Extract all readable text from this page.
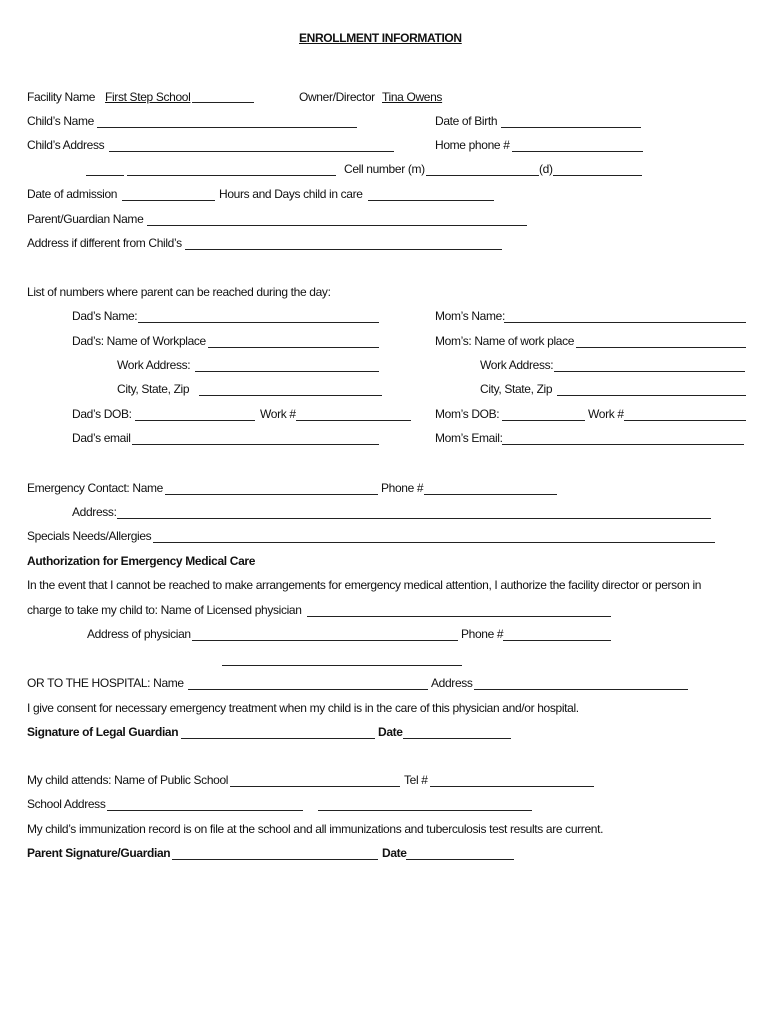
ENROLLMENT INFORMATION
Facility Name First Step School	Owner/Director Tina Owens
Child’s Name	Date of Birth
Child’s Address	Home phone #
Cell number (m)	(d)
Date of admission	Hours and Days child in care
Parent/Guardian Name
Address if different from Child’s
List of numbers where parent can be reached during the day:
Dad’s Name:
Dad’s: Name of Workplace
Work Address:
City, State, Zip
Dad’s DOB:	Work #
Dad’s email
Mom’s Name:
Mom’s: Name of work place
Work Address:
City, State, Zip
Mom’s DOB:	Work #
Mom’s Email:
Emergency Contact: Name	Phone #
Address:
Specials Needs/Allergies
Authorization for Emergency Medical Care
In the event that I cannot be reached to make arrangements for emergency medical attention, I authorize the facility director or person in
charge to take my child to: Name of Licensed physician
Address of physician	Phone #
OR TO THE HOSPITAL: Name	Address
I give consent for necessary emergency treatment when my child is in the care of this physician and/or hospital.
Signature of Legal Guardian	Date
My child attends: Name of Public School	Tel #
School Address
My child’s immunization record is on file at the school and all immunizations and tuberculosis test results are current.
Parent Signature/Guardian	Date
